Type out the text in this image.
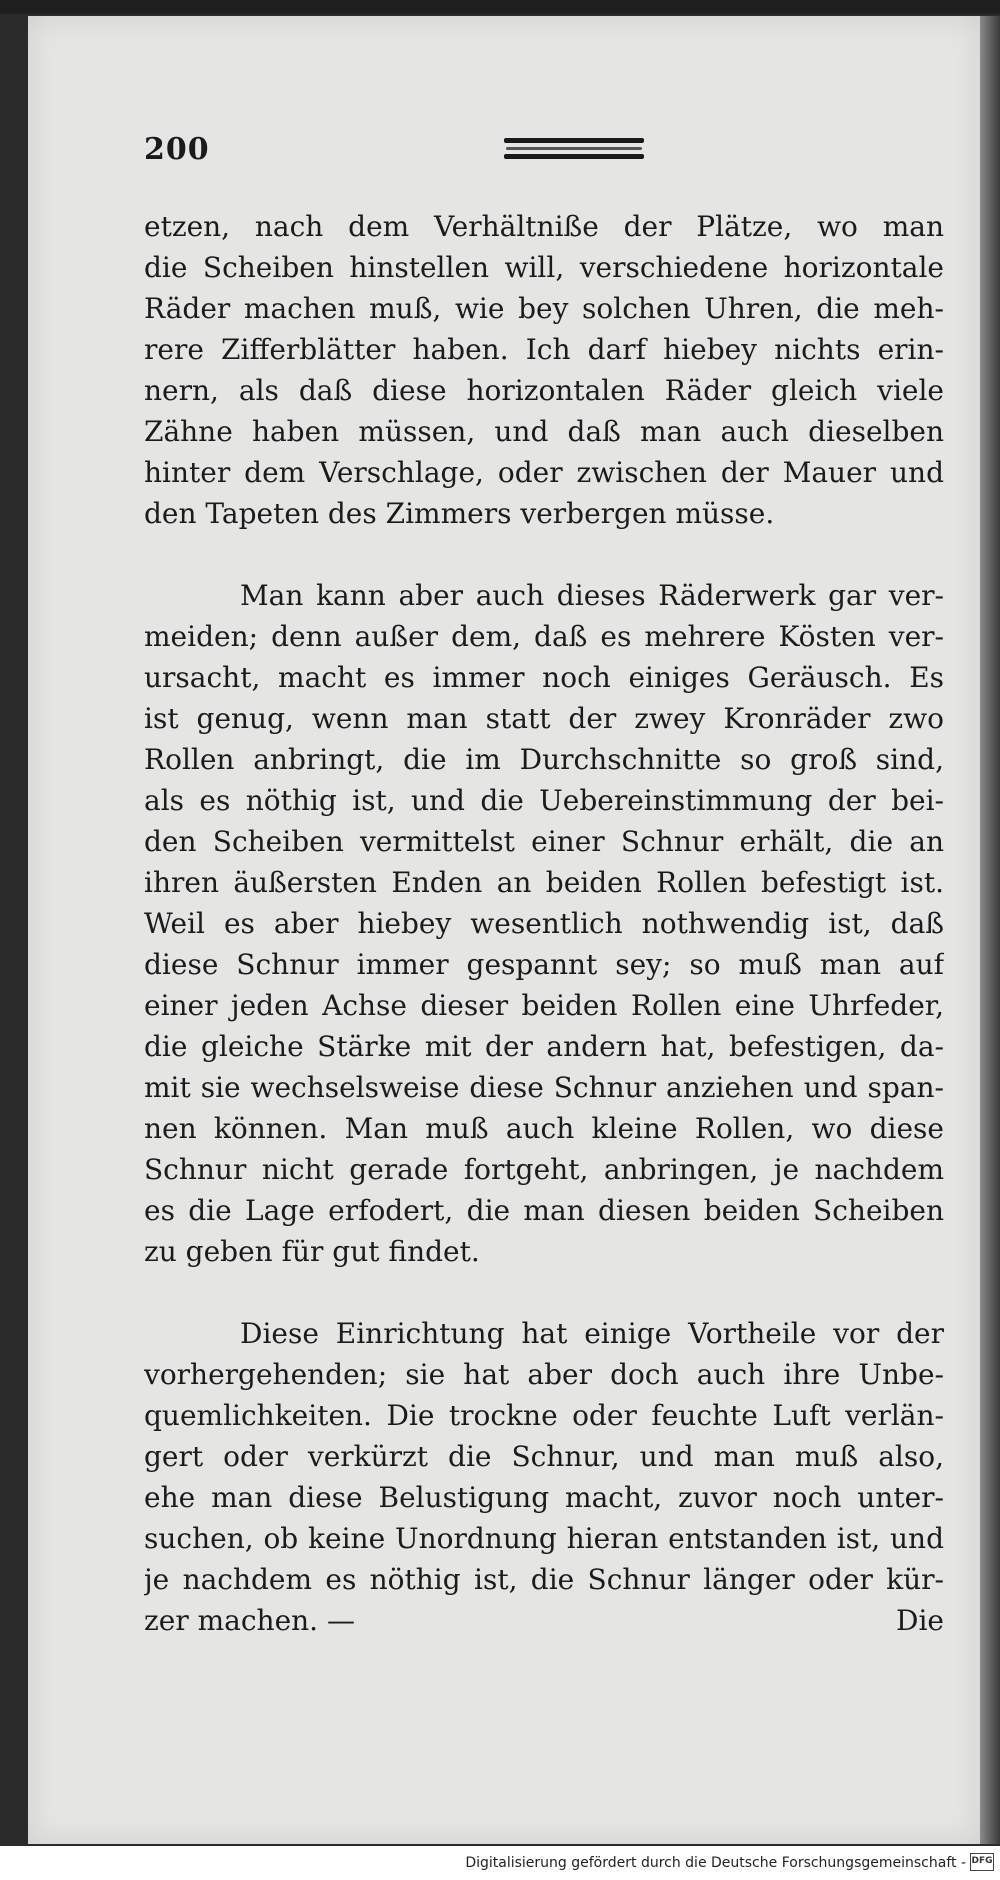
200
etzen, nach dem Verhältniße der Plätze, wo man
die Scheiben hinstellen will, verschiedene horizontale
Räder machen muß, wie bey solchen Uhren, die meh-
rere Zifferblätter haben. Ich darf hiebey nichts erin-
nern, als daß diese horizontalen Räder gleich viele
Zähne haben müssen, und daß man auch dieselben
hinter dem Verschlage, oder zwischen der Mauer und
den Tapeten des Zimmers verbergen müsse.
Man kann aber auch dieses Räderwerk gar ver-
meiden; denn außer dem, daß es mehrere Kösten ver-
ursacht, macht es immer noch einiges Geräusch. Es
ist genug, wenn man statt der zwey Kronräder zwo
Rollen anbringt, die im Durchschnitte so groß sind,
als es nöthig ist, und die Uebereinstimmung der bei-
den Scheiben vermittelst einer Schnur erhält, die an
ihren äußersten Enden an beiden Rollen befestigt ist.
Weil es aber hiebey wesentlich nothwendig ist, daß
diese Schnur immer gespannt sey; so muß man auf
einer jeden Achse dieser beiden Rollen eine Uhrfeder,
die gleiche Stärke mit der andern hat, befestigen, da-
mit sie wechselsweise diese Schnur anziehen und span-
nen können. Man muß auch kleine Rollen, wo diese
Schnur nicht gerade fortgeht, anbringen, je nachdem
es die Lage erfodert, die man diesen beiden Scheiben
zu geben für gut findet.
Diese Einrichtung hat einige Vortheile vor der
vorhergehenden; sie hat aber doch auch ihre Unbe-
quemlichkeiten. Die trockne oder feuchte Luft verlän-
gert oder verkürzt die Schnur, und man muß also,
ehe man diese Belustigung macht, zuvor noch unter-
suchen, ob keine Unordnung hieran entstanden ist, und
je nachdem es nöthig ist, die Schnur länger oder kür-
zer machen. —	Die
Digitalisierung gefördert durch die Deutsche Forschungsgemeinschaft - DFG
